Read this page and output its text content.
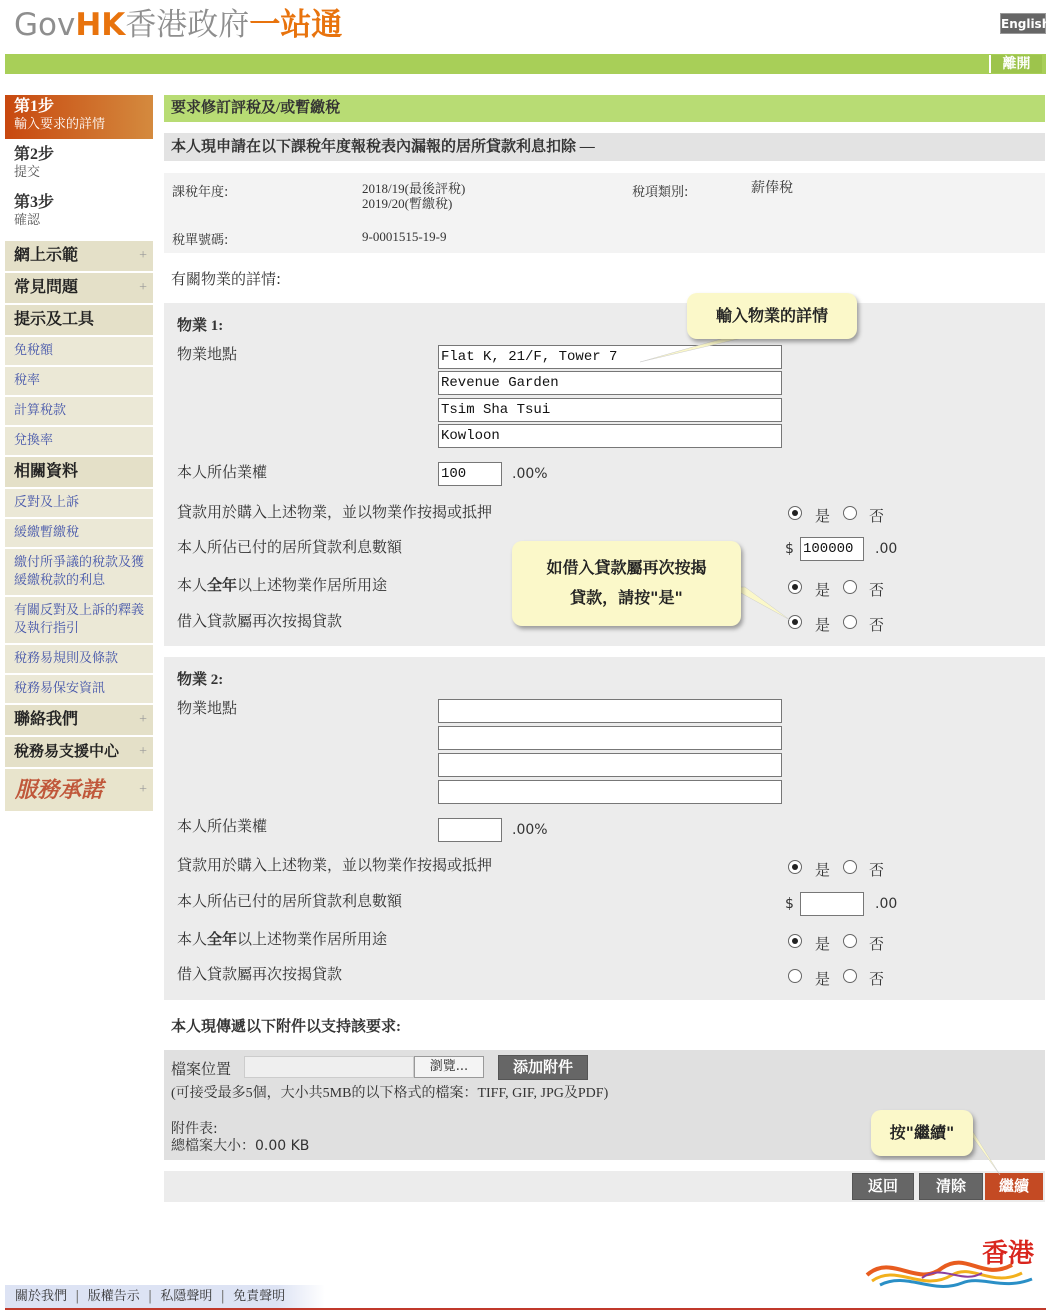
GovHK香港政府一站通	English
離開
第1步
輸入要求的詳情
第2步
提交
第3步
確認
網上示範	+
常見問題	+
提示及工具
免稅額
稅率
計算稅款
兌換率
相關資料
反對及上訴
緩繳暫繳稅
繳付所爭議的稅款及獲緩繳稅款的利息
有關反對及上訴的釋義及執行指引
稅務易規則及條款
稅務易保安資訊
聯絡我們	+
稅務易支援中心 +
服務承諾	+
要求修訂評稅及/或暫繳稅
本人現申請在以下課稅年度報稅表內漏報的居所貸款利息扣除 —
課稅年度:	2018/19(最後評稅)
2019/20(暫繳稅)
稅項類別:	薪俸稅
稅單號碼:	9-0001515-19-9
有關物業的詳情:
物業 1:
物業地點	Flat K, 21/F, Tower 7
Revenue Garden
Tsim Sha Tsui
Kowloon
本人所佔業權	100	.00%
貸款用於購入上述物業，並以物業作按揭或抵押	是	否
本人所佔已付的居所貸款利息數額	$ 100000	.00
本人全年以上述物業作居所用途	是	否
借入貸款屬再次按揭貸款	是	否
物業 2:
物業地點
本人所佔業權	.00%
貸款用於購入上述物業，並以物業作按揭或抵押	是	否
本人所佔已付的居所貸款利息數額	$	.00
本人全年以上述物業作居所用途	是	否
借入貸款屬再次按揭貸款	是	否
本人現傳遞以下附件以支持該要求:
檔案位置	瀏覽...	添加附件
(可接受最多5個，大小共5MB的以下格式的檔案：TIFF, GIF, JPG及PDF)
附件表:
總檔案大小：0.00 KB
返回	清除	繼續
輸入物業的詳情
如借入貸款屬再次按揭
貸款，請按"是"
按"繼續"
香港
關於我們 | 版權告示 | 私隱聲明 | 免責聲明
